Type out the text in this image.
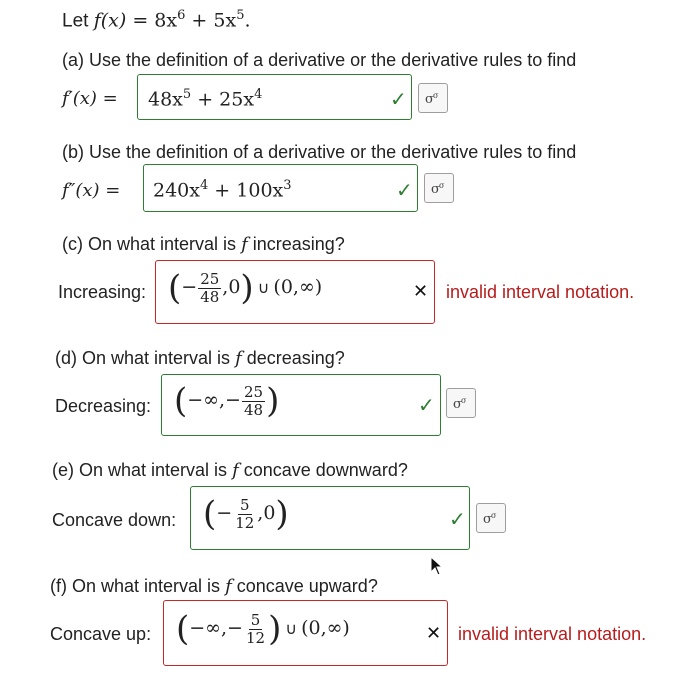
Let $f(x) = 8x^6 + 5x^5$.
(a) Use the definition of a derivative or the derivative rules to find
$f'(x) = 48x^5 + 25x^4$	✓ σ σ
(b) Use the definition of a derivative or the derivative rules to find
$f''(x) = 240x^4 + 100x^3$	✓ σ σ
(c) On what interval is f increasing?
Increasing: (− $\frac{25}{48} ,0$) ∪ (0,∞)	✕ invalid interval notation.
(d) On what interval is f decreasing?
Decreasing: (−∞,− $\frac{25}{48}$ )	✓ σ σ
(e) On what interval is f concave downward?
Concave down: (− $\frac{5}{12} ,0$)	✓ σ σ
(f) On what interval is f concave upward?
Concave up: (−∞,− $\frac{5}{12}$ ) ∪ (0,∞)	✕ invalid interval notation.
